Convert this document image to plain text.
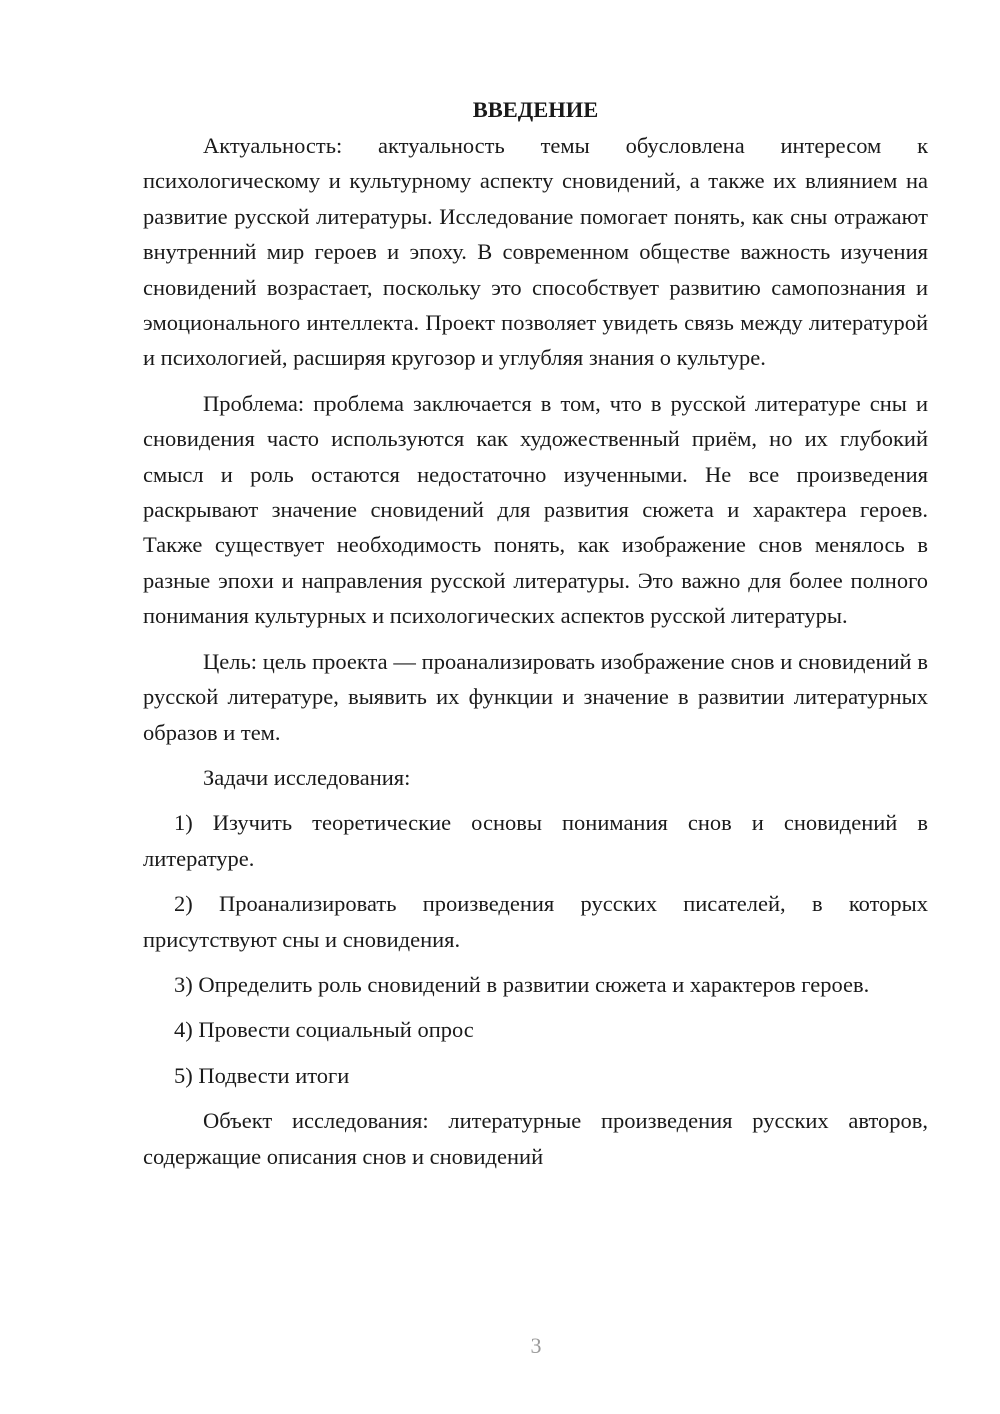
ВВЕДЕНИЕ

Актуальность: актуальность темы обусловлена интересом к психологическому и культурному аспекту сновидений, а также их влиянием на развитие русской литературы. Исследование помогает понять, как сны отражают внутренний мир героев и эпоху. В современном обществе важность изучения сновидений возрастает, поскольку это способствует развитию самопознания и эмоционального интеллекта. Проект позволяет увидеть связь между литературой и психологией, расширяя кругозор и углубляя знания о культуре.

Проблема: проблема заключается в том, что в русской литературе сны и сновидения часто используются как художественный приём, но их глубокий смысл и роль остаются недостаточно изученными. Не все произведения раскрывают значение сновидений для развития сюжета и характера героев. Также существует необходимость понять, как изображение снов менялось в разные эпохи и направления русской литературы. Это важно для более полного понимания культурных и психологических аспектов русской литературы.

Цель: цель проекта — проанализировать изображение снов и сновидений в русской литературе, выявить их функции и значение в развитии литературных образов и тем.

Задачи исследования:

1) Изучить теоретические основы понимания снов и сновидений в литературе.

2) Проанализировать произведения русских писателей, в которых присутствуют сны и сновидения.

3) Определить роль сновидений в развитии сюжета и характеров героев.

4) Провести социальный опрос

5) Подвести итоги

Объект исследования: литературные произведения русских авторов, содержащие описания снов и сновидений

3
